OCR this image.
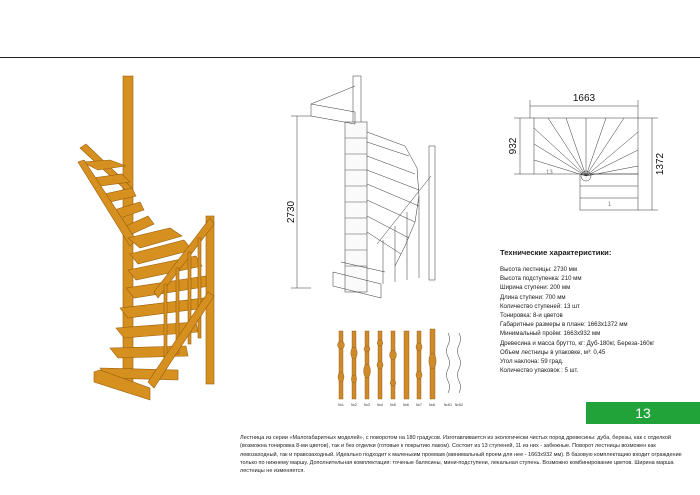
2730
1663
932
1372
13
1
№1 №2 №3 №4 №5 №6 №7 №8	№К1 №К2
Технические характеристики:
Высота лестницы: 2730 мм
Высота подступенка: 210 мм
Ширина ступени: 200 мм
Длина ступени: 700 мм
Количество ступеней: 13 шт
Тонировка: 8-и цветов
Габаритные размеры в плане: 1663x1372 мм
Минимальный проём: 1663x932 мм
Древесина и масса брутто, кг: Дуб-180кг, Береза-160кг
Объем лестницы в упаковке, м³: 0,45
Угол наклона: 59 град.
Количество упаковок : 5 шт.
13
Лестница из серии «Малогабаритных моделей», с поворотом на 180 градусов. Изготавливается из экологически чистых пород древесины: дуба, березы, как с отделкой (возможна тонировка 8-ми цветов), так и без отделки (готовые к покрытию лаком). Состоит из 13 ступеней, 11 из них - забежные. Поворот лестницы возможен как левозаходный, так и правозаходный. Идеально подходит к маленьким проемам (минимальный проем для нее - 1663x932 мм). В базовую комплектацию входит ограждение только по нижнему маршу. Дополнительная комплектация: точеные балясины, мини-подступени, лекальная ступень. Возможно комбинирование цветов. Ширина марша лестницы не изменяется.
